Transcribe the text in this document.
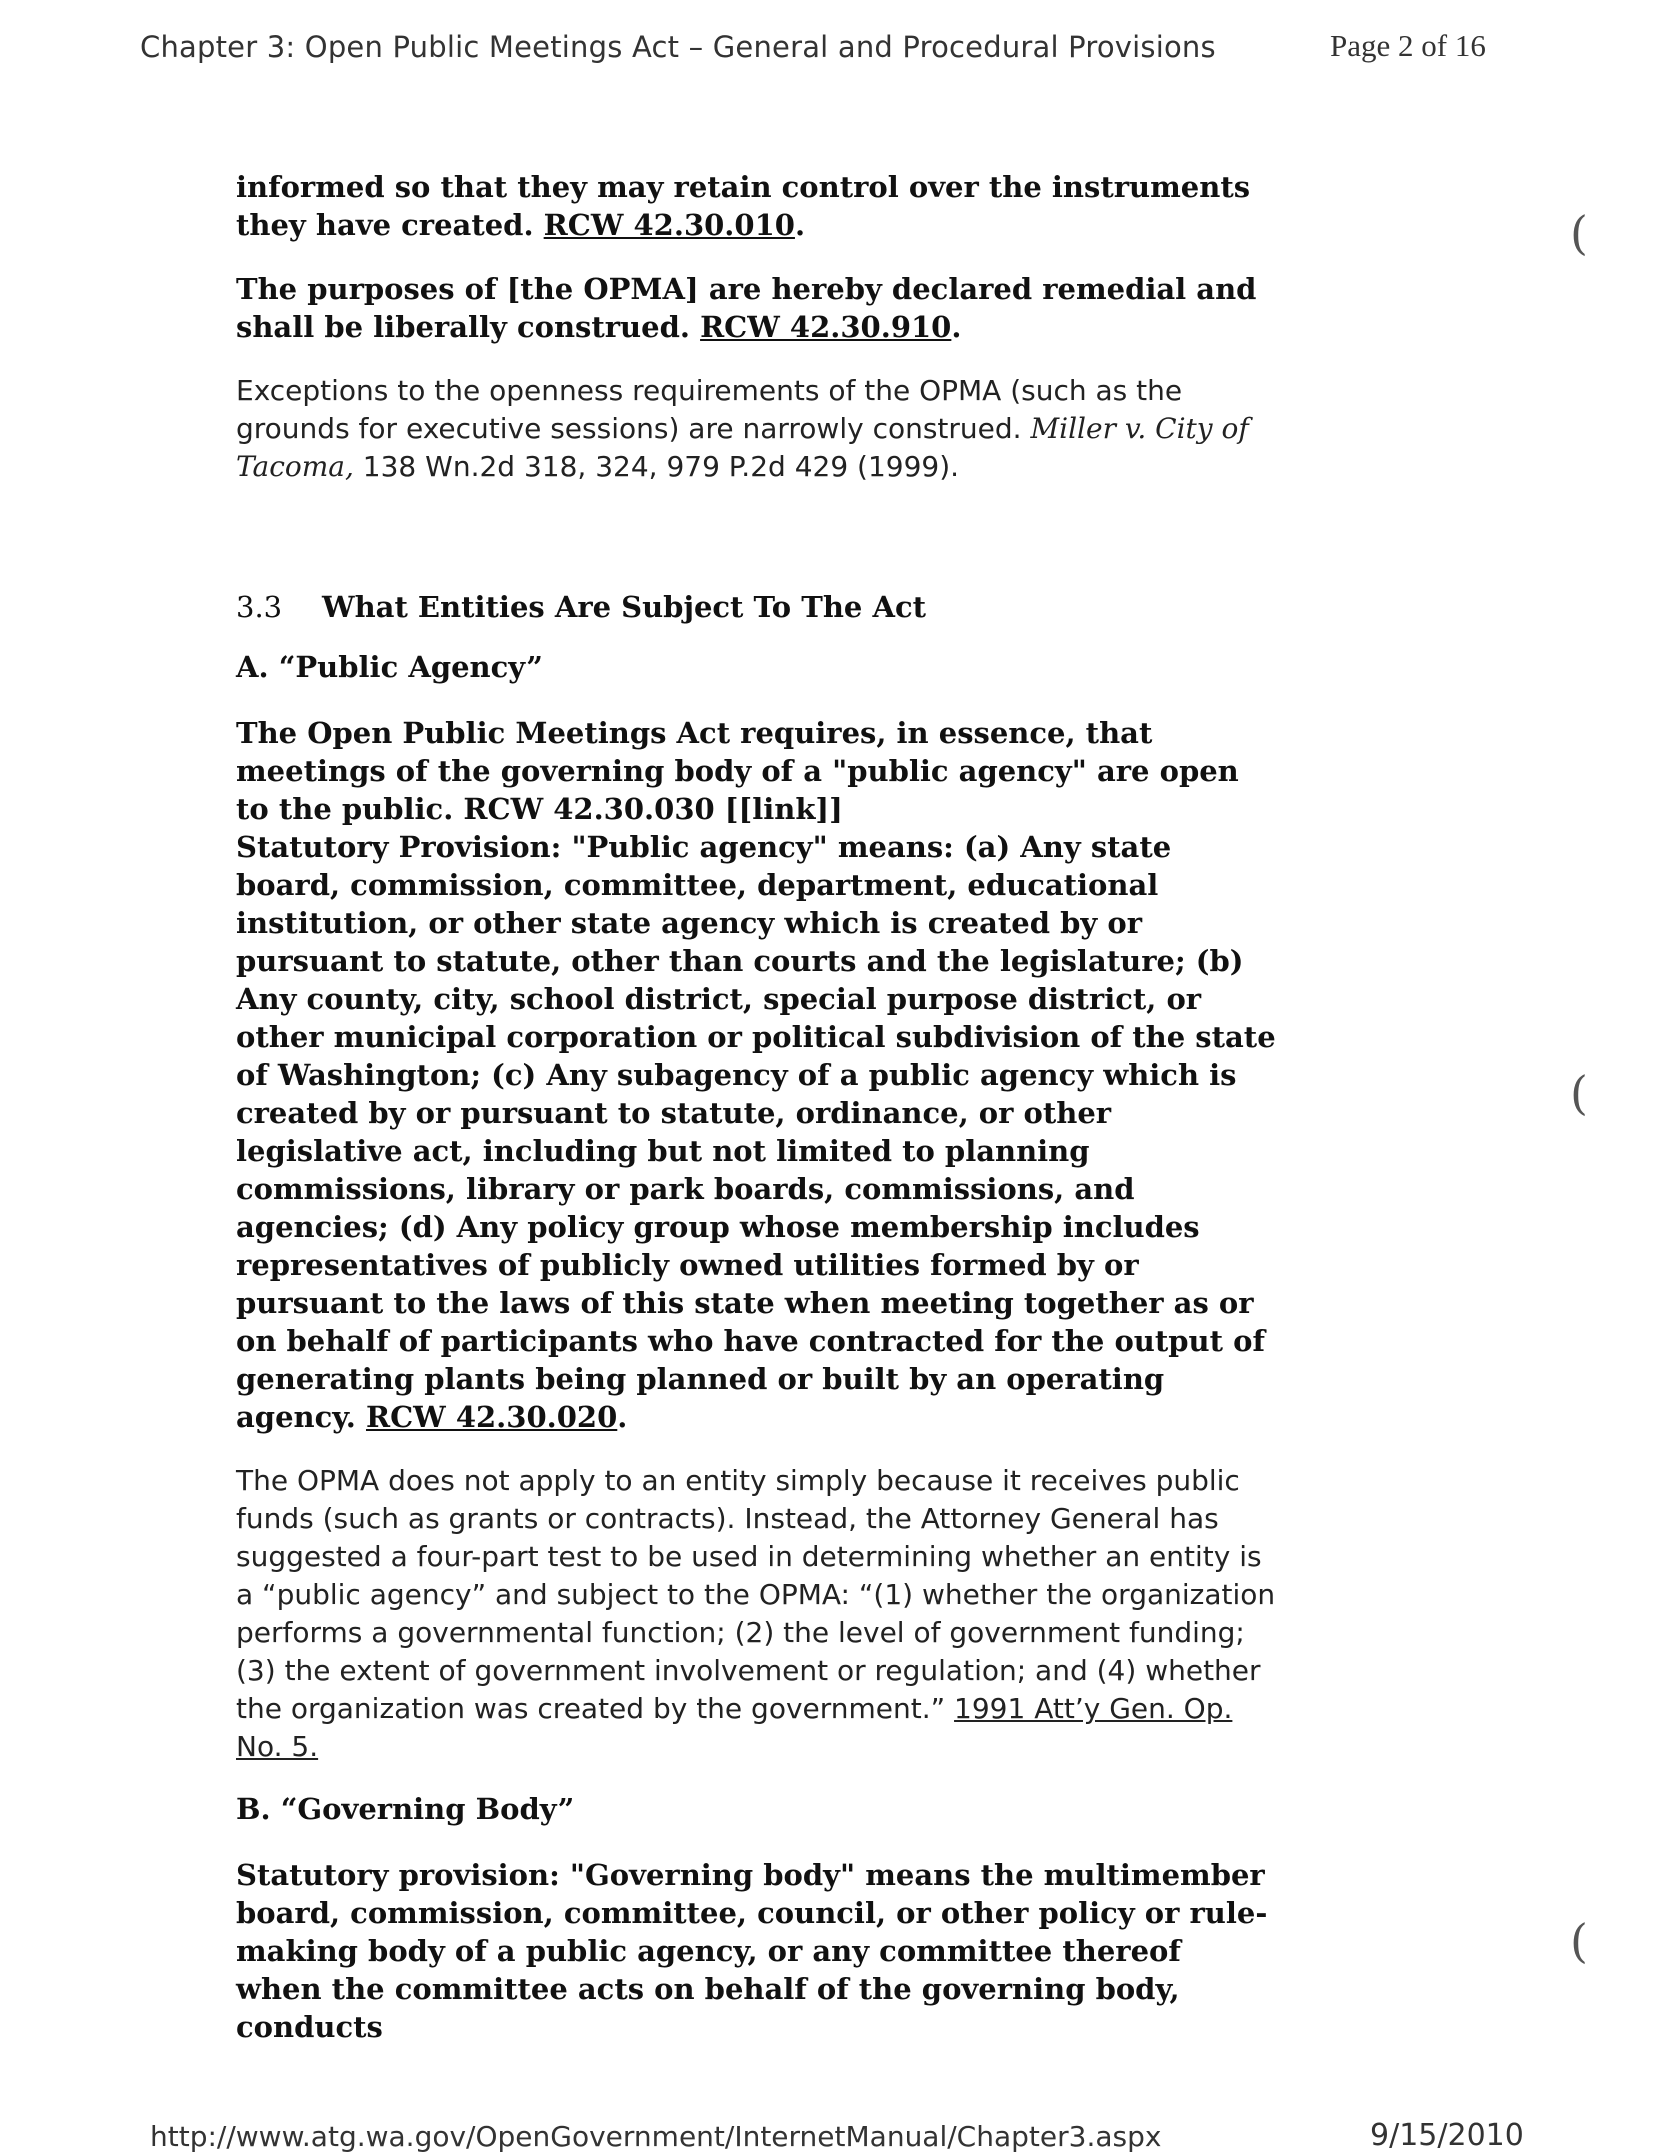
Chapter 3: Open Public Meetings Act – General and Procedural Provisions	Page 2 of 16

informed so that they may retain control over the instruments they have created. RCW 42.30.010.

The purposes of [the OPMA] are hereby declared remedial and shall be liberally construed. RCW 42.30.910.

Exceptions to the openness requirements of the OPMA (such as the grounds for executive sessions) are narrowly construed. Miller v. City of Tacoma, 138 Wn.2d 318, 324, 979 P.2d 429 (1999).

3.3 What Entities Are Subject To The Act

A. “Public Agency”

The Open Public Meetings Act requires, in essence, that meetings of the governing body of a "public agency" are open to the public. RCW 42.30.030 [[link]]

Statutory Provision: "Public agency" means: (a) Any state board, commission, committee, department, educational institution, or other state agency which is created by or pursuant to statute, other than courts and the legislature; (b) Any county, city, school district, special purpose district, or other municipal corporation or political subdivision of the state of Washington; (c) Any subagency of a public agency which is created by or pursuant to statute, ordinance, or other legislative act, including but not limited to planning commissions, library or park boards, commissions, and agencies; (d) Any policy group whose membership includes representatives of publicly owned utilities formed by or pursuant to the laws of this state when meeting together as or on behalf of participants who have contracted for the output of generating plants being planned or built by an operating agency. RCW 42.30.020.

The OPMA does not apply to an entity simply because it receives public funds (such as grants or contracts). Instead, the Attorney General has suggested a four-part test to be used in determining whether an entity is a “public agency” and subject to the OPMA: “(1) whether the organization performs a governmental function; (2) the level of government funding; (3) the extent of government involvement or regulation; and (4) whether the organization was created by the government.” 1991 Att’y Gen. Op. No. 5.

B. “Governing Body”

Statutory provision: "Governing body" means the multimember board, commission, committee, council, or other policy or rule-making body of a public agency, or any committee thereof when the committee acts on behalf of the governing body, conducts

(
(
(
http://www.atg.wa.gov/OpenGovernment/InternetManual/Chapter3.aspx	9/15/2010
